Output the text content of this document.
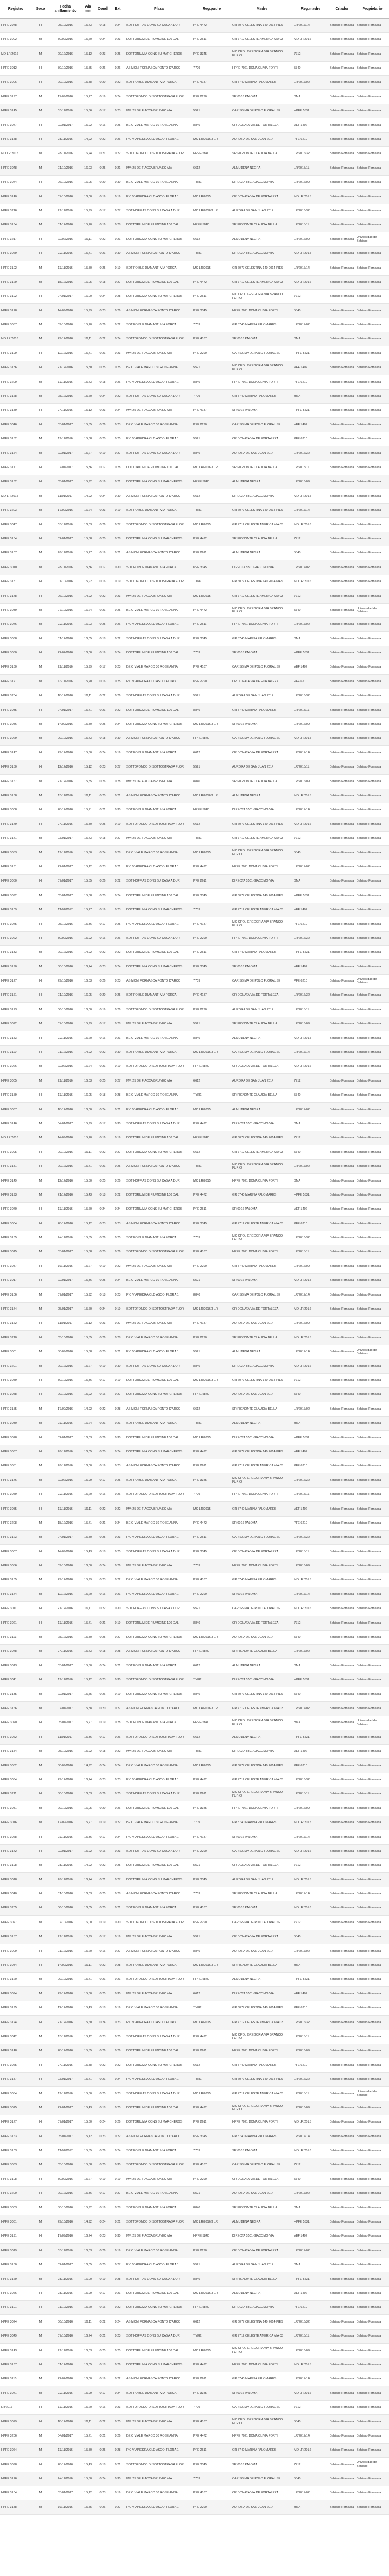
Registro	Sexo	Fecha anillamiento	Ala mm	Cond	Ext	Plaza	Reg.padre	Madre	Reg.madre	Criador	Propietario
HPFE 2978	H	05/10/2016	15,43	0,18	0,24	SOT HOFF AS CONS SU CASA A DUR	PFE 4472	GR 6077 CELESTINA 140 2014 PIES	LR/2017/14	Bahiano Fornasca	Bahiano Fornasca
HPFE 3002	M	30/09/2016	15,60	0,24	0,23	DOTTORIUM DE PIUMICINE 100 DAL	PFE 2611	GR 7712 CELESTE AMERICA VIA 03	MO LR/2016	Bahiano Fornasca	Bahiano Fornasca
MO LR/2016	M	29/12/2016	15,12	0,23	0,25	DOTTORIUM A CONS SU MARCHEROS	PFE 3345	MO OPOL GREGORIA VIA BRANCO FURIO	7712	Bahiano Fornasca	Bahiano Fornasca
HPFE 3012	H	30/10/2016	15,55	0,26	0,26	ASIMONI FORNASCA PONTO D'ARCO	7709	HPFE 7021 DONA OLIVIA FORTI	5340	Bahiano Fornasca	Bahiano Fornasca
HPFE 3006	H	29/10/2016	15,88	0,20	0,22	SOT FOIBLE DIAMANTI VIA FORCA	PFE 4187	GR 5740 MARINA PALOMARES	LR/2017/02	Bahiano Fornasca	Bahiano Fornasca
HPFE 3197	M	17/09/2016	15,27	0,19	0,24	SOTTOFONDO DI SOTTOSTRADA FLOR	PFE 2290	SR 0016 PALOMA	BMA	Bahiano Fornasca	Bahiano Fornasca
HPFE 3145	M	03/11/2016	15,36	0,17	0,23	MV: 25 DE FIACCA BRUNEC VIA	5521	CARISSIMA DE POLO FLORAL SE	HPFE 5531	Bahiano Fornasca	Bahiano Fornasca
HPFE 3077	H	02/01/2017	15,92	0,16	0,25	BEIC VIALE MARCO 30 ROSE ANNA	8840	CR DONATA VIA DE FORTALEZA	VEF 1402	Bahiano Fornasca	Bahiano Fornasca
HPFE 3158	H	28/11/2016	14,92	0,22	0,26	PIC VIAPIEDRA OLD ASCOI FLORA 1	MO LR/2016/3 LR	AURORA DE SAN JUAN 2014	PFE 6210	Bahiano Fornasca	Bahiano Fornasca
MO LR/2015	M	28/11/2016	16,24	0,21	0,22	SOTTOFONDO DI SOTTOSTRADA FLOR	HPFE 5840	SR PIGNONTE CLAUDIA BELLA	LR/2016/32	Bahiano Fornasca	Bahiano Fornasca
HPFE 3048	M	01/10/2016	16,03	0,25	0,21	MV: 25 DE FIACCA BRUNEC VIA	6612	ALMUDENA NEGRA	LR/2015/11	Bahiano Fornasca	Bahiano Fornasca
HPFE 3044	H	06/10/2016	16,05	0,20	0,30	BEIC VIALE MARCO 30 ROSE ANNA	TYKK	DIRECTA 5501 GIACOMO VIA	LR/2016/09	Bahiano Fornasca	Bahiano Fornasca
HPFE 3140	H	07/10/2016	16,00	0,19	0,19	PIC VIAPIEDRA OLD ASCOI FLORA 1	MO LR/2015	CR DONATA VIA DE FORTALEZA	MO LR/2015	Bahiano Fornasca	Bahiano Fornasca
HPFE 3216	M	22/11/2016	15,99	0,17	0,27	SOT HOFF AS CONS SU CASA A DUR	MO LR/2016/3 LR	AURORA DE SAN JUAN 2014	LR/2016/32	Bahiano Fornasca	Bahiano Fornasca
HPFE 3134	M	01/12/2016	15,20	0,16	0,28	DOTTORIUM DE PIUMICINE 100 DAL	HPFE 5840	SR PIGNONTE CLAUDIA BELLA	LR/2015/11	Bahiano Fornasca	Bahiano Fornasca
HPFE 3217	H	22/02/2016	16,11	0,22	0,21	DOTTORIUM A CONS SU MARCHEROS	6612	ALMUDENA NEGRA	LR/2016/09	Bahiano Fornasca	Universidad de Bahiano
HPFE 3069	H	22/11/2016	15,71	0,21	0,30	ASIMONI FORNASCA PONTO D'ARCO	TYKK	DIRECTA 5501 GIACOMO VIA	MO LR/2015	Bahiano Fornasca	Bahiano Fornasca
HPFE 3102	M	13/11/2016	15,80	0,25	0,19	SOT FOIBLE DIAMANTI VIA FORCA	MO LR/2015	GR 6077 CELESTINA 140 2014 PIES	LR/2017/14	Bahiano Fornasca	Bahiano Fornasca
HPFE 3129	M	18/12/2016	16,05	0,18	0,27	DOTTORIUM DE PIUMICINE 100 DAL	PFE 4472	GR 7712 CELESTE AMERICA VIA 03	MO LR/2016	Bahiano Fornasca	Bahiano Fornasca
HPFE 3192	H	04/01/2017	16,00	0,24	0,28	DOTTORIUM A CONS SU MARCHEROS	PFE 2611	MO OPOL GREGORIA VIA BRANCO FURIO	7712	Bahiano Fornasca	Bahiano Fornasca
HPFE 3128	H	14/09/2016	15,99	0,23	0,26	ASIMONI FORNASCA PONTO D'ARCO	PFE 3345	HPFE 7021 DONA OLIVIA FORTI	5340	Bahiano Fornasca	Bahiano Fornasca
HPFE 3057	M	09/10/2016	15,20	0,26	0,22	SOT FOIBLE DIAMANTI VIA FORCA	7709	GR 5740 MARINA PALOMARES	LR/2017/02	Bahiano Fornasca	Bahiano Fornasca
MO LR/2016	M	29/12/2016	16,11	0,22	0,24	SOTTOFONDO DI SOTTOSTRADA FLOR	PFE 4187	SR 0016 PALOMA	BMA	Bahiano Fornasca	Bahiano Fornasca
HPFE 3199	H	12/12/2016	15,71	0,21	0,23	MV: 25 DE FIACCA BRUNEC VIA	PFE 2290	CARISSIMA DE POLO FLORAL SE	HPFE 5531	Bahiano Fornasca	Bahiano Fornasca
HPFE 3186	H	21/12/2016	15,80	0,25	0,25	BEIC VIALE MARCO 30 ROSE ANNA	5521	MO OPOL GREGORIA VIA BRANCO FURIO	VEF 1402	Bahiano Fornasca	Bahiano Fornasca
HPFE 3209	M	13/11/2016	15,43	0,18	0,26	PIC VIAPIEDRA OLD ASCOI FLORA 1	8840	HPFE 7021 DONA OLIVIA FORTI	PFE 6210	Bahiano Fornasca	Bahiano Fornasca
HPFE 3168	M	28/12/2016	15,60	0,24	0,22	SOT HOFF AS CONS SU CASA A DUR	7709	GR 5740 MARINA PALOMARES	BMA	Bahiano Fornasca	Bahiano Fornasca
HPFE 3189	H	24/11/2016	15,12	0,23	0,24	MV: 25 DE FIACCA BRUNEC VIA	PFE 4187	SR 0016 PALOMA	HPFE 5531	Bahiano Fornasca	Bahiano Fornasca
HPFE 3046	H	03/01/2017	15,55	0,26	0,23	BEIC VIALE MARCO 30 ROSE ANNA	PFE 2290	CARISSIMA DE POLO FLORAL SE	VEF 1402	Bahiano Fornasca	Bahiano Fornasca
HPFE 3152	M	19/11/2016	15,88	0,20	0,25	PIC VIAPIEDRA OLD ASCOI FLORA 1	5521	CR DONATA VIA DE FORTALEZA	PFE 6210	Bahiano Fornasca	Bahiano Fornasca
HPFE 3164	M	22/01/2017	15,27	0,19	0,27	SOT HOFF AS CONS SU CASA A DUR	8840	AURORA DE SAN JUAN 2014	LR/2016/32	Bahiano Fornasca	Bahiano Fornasca
HPFE 3171	H	07/01/2017	15,36	0,17	0,28	DOTTORIUM DE PIUMICINE 100 DAL	MO LR/2016/3 LR	SR PIGNONTE CLAUDIA BELLA	LR/2015/11	Bahiano Fornasca	Bahiano Fornasca
HPFE 3132	H	05/01/2017	15,92	0,16	0,21	DOTTORIUM A CONS SU MARCHEROS	HPFE 5840	ALMUDENA NEGRA	LR/2016/09	Bahiano Fornasca	Bahiano Fornasca
MO LR/2015	M	11/01/2017	14,92	0,24	0,30	ASIMONI FORNASCA PONTO D'ARCO	6612	DIRECTA 5501 GIACOMO VIA	MO LR/2015	Bahiano Fornasca	Bahiano Fornasca
HPFE 3203	M	17/09/2016	16,24	0,23	0,19	SOT FOIBLE DIAMANTI VIA FORCA	TYKK	GR 6077 CELESTINA 140 2014 PIES	LR/2017/14	Bahiano Fornasca	Bahiano Fornasca
HPFE 3047	H	03/11/2016	16,03	0,26	0,27	SOTTOFONDO DI SOTTOSTRADA FLOR	MO LR/2015	GR 7712 CELESTE AMERICA VIA 03	MO LR/2016	Bahiano Fornasca	Bahiano Fornasca
HPFE 3184	H	02/01/2017	15,88	0,20	0,28	DOTTORIUM A CONS SU MARCHEROS	PFE 4472	SR PIGNONTE CLAUDIA BELLA	7712	Bahiano Fornasca	Bahiano Fornasca
HPFE 3107	M	28/11/2016	15,27	0,19	0,21	ASIMONI FORNASCA PONTO D'ARCO	PFE 2611	ALMUDENA NEGRA	5340	Bahiano Fornasca	Bahiano Fornasca
HPFE 3010	M	28/11/2016	15,36	0,17	0,30	SOT FOIBLE DIAMANTI VIA FORCA	PFE 3345	DIRECTA 5501 GIACOMO VIA	LR/2017/02	Bahiano Fornasca	Bahiano Fornasca
HPFE 3151	H	01/10/2016	15,92	0,16	0,19	SOTTOFONDO DI SOTTOSTRADA FLOR	TYKK	GR 6077 CELESTINA 140 2014 PIES	MO LR/2016	Bahiano Fornasca	Bahiano Fornasca
HPFE 3178	H	06/10/2016	14,92	0,22	0,23	MV: 25 DE FIACCA BRUNEC VIA	MO LR/2015	GR 7712 CELESTE AMERICA VIA 03	7712	Bahiano Fornasca	Bahiano Fornasca
HPFE 3039	M	07/10/2016	16,24	0,21	0,25	BEIC VIALE MARCO 30 ROSE ANNA	PFE 4472	MO OPOL GREGORIA VIA BRANCO FURIO	5340	Bahiano Fornasca	Universidad de Bahiano
HPFE 3076	M	22/11/2016	16,03	0,25	0,26	PIC VIAPIEDRA OLD ASCOI FLORA 1	PFE 2611	HPFE 7021 DONA OLIVIA FORTI	LR/2017/02	Bahiano Fornasca	Bahiano Fornasca
HPFE 3038	H	01/12/2016	16,05	0,18	0,22	SOT HOFF AS CONS SU CASA A DUR	PFE 3345	GR 5740 MARINA PALOMARES	BMA	Bahiano Fornasca	Bahiano Fornasca
HPFE 3060	H	22/02/2016	16,00	0,19	0,24	DOTTORIUM DE PIUMICINE 100 DAL	7709	SR 0016 PALOMA	HPFE 5531	Bahiano Fornasca	Bahiano Fornasca
HPFE 3130	M	22/11/2016	15,99	0,17	0,23	BEIC VIALE MARCO 30 ROSE ANNA	PFE 4187	CARISSIMA DE POLO FLORAL SE	VEF 1402	Bahiano Fornasca	Bahiano Fornasca
HPFE 3121	M	13/11/2016	15,20	0,16	0,25	PIC VIAPIEDRA OLD ASCOI FLORA 1	PFE 2290	CR DONATA VIA DE FORTALEZA	PFE 6210	Bahiano Fornasca	Bahiano Fornasca
HPFE 3204	H	18/12/2016	16,11	0,22	0,26	SOT HOFF AS CONS SU CASA A DUR	5521	AURORA DE SAN JUAN 2014	LR/2016/32	Bahiano Fornasca	Bahiano Fornasca
HPFE 3035	H	04/01/2017	15,71	0,21	0,22	DOTTORIUM DE PIUMICINE 100 DAL	8840	GR 5740 MARINA PALOMARES	LR/2015/11	Bahiano Fornasca	Bahiano Fornasca
HPFE 3086	M	14/09/2016	15,80	0,25	0,24	DOTTORIUM A CONS SU MARCHEROS	MO LR/2016/3 LR	SR 0016 PALOMA	LR/2016/09	Bahiano Fornasca	Bahiano Fornasca
HPFE 3029	M	09/10/2016	15,43	0,18	0,30	ASIMONI FORNASCA PONTO D'ARCO	HPFE 5840	CARISSIMA DE POLO FLORAL SE	MO LR/2015	Bahiano Fornasca	Bahiano Fornasca
HPFE 3147	H	29/12/2016	15,60	0,24	0,19	SOT FOIBLE DIAMANTI VIA FORCA	6612	CR DONATA VIA DE FORTALEZA	LR/2017/14	Bahiano Fornasca	Bahiano Fornasca
HPFE 3150	H	12/12/2016	15,12	0,23	0,27	SOTTOFONDO DI SOTTOSTRADA FLOR	5521	AURORA DE SAN JUAN 2014	LR/2015/11	Bahiano Fornasca	Bahiano Fornasca
HPFE 3167	M	21/12/2016	15,55	0,26	0,28	MV: 25 DE FIACCA BRUNEC VIA	8840	SR PIGNONTE CLAUDIA BELLA	LR/2016/09	Bahiano Fornasca	Bahiano Fornasca
HPFE 3138	M	13/11/2016	16,11	0,20	0,21	ASIMONI FORNASCA PONTO D'ARCO	MO LR/2016/3 LR	ALMUDENA NEGRA	MO LR/2015	Bahiano Fornasca	Bahiano Fornasca
HPFE 3008	H	28/12/2016	15,71	0,21	0,30	SOT FOIBLE DIAMANTI VIA FORCA	HPFE 5840	DIRECTA 5501 GIACOMO VIA	LR/2017/14	Bahiano Fornasca	Bahiano Fornasca
HPFE 3179	H	24/11/2016	15,80	0,25	0,19	SOTTOFONDO DI SOTTOSTRADA FLOR	6612	GR 6077 CELESTINA 140 2014 PIES	MO LR/2016	Bahiano Fornasca	Bahiano Fornasca
HPFE 3141	M	03/01/2017	15,43	0,18	0,27	MV: 25 DE FIACCA BRUNEC VIA	TYKK	GR 7712 CELESTE AMERICA VIA 03	7712	Bahiano Fornasca	Bahiano Fornasca
HPFE 3053	M	19/11/2016	15,60	0,24	0,28	BEIC VIALE MARCO 30 ROSE ANNA	MO LR/2015	MO OPOL GREGORIA VIA BRANCO FURIO	5340	Bahiano Fornasca	Bahiano Fornasca
HPFE 3131	H	22/01/2017	15,12	0,23	0,21	PIC VIAPIEDRA OLD ASCOI FLORA 1	PFE 4472	HPFE 7021 DONA OLIVIA FORTI	LR/2017/02	Bahiano Fornasca	Bahiano Fornasca
HPFE 3050	H	07/01/2017	15,55	0,26	0,22	SOT HOFF AS CONS SU CASA A DUR	PFE 2611	DIRECTA 5501 GIACOMO VIA	BMA	Bahiano Fornasca	Bahiano Fornasca
HPFE 3092	M	05/01/2017	15,88	0,20	0,24	DOTTORIUM DE PIUMICINE 100 DAL	PFE 3345	GR 6077 CELESTINA 140 2014 PIES	HPFE 5531	Bahiano Fornasca	Bahiano Fornasca
HPFE 3109	M	11/01/2017	15,27	0,19	0,23	DOTTORIUM A CONS SU MARCHEROS	7709	GR 7712 CELESTE AMERICA VIA 03	VEF 1402	Bahiano Fornasca	Bahiano Fornasca
HPFE 3045	H	05/10/2016	15,36	0,17	0,25	PIC VIAPIEDRA OLD ASCOI FLORA 1	PFE 4187	MO OPOL GREGORIA VIA BRANCO FURIO	PFE 6210	Bahiano Fornasca	Bahiano Fornasca
HPFE 3022	H	30/09/2016	15,92	0,16	0,26	SOT HOFF AS CONS SU CASA A DUR	PFE 2290	HPFE 7021 DONA OLIVIA FORTI	LR/2016/32	Bahiano Fornasca	Bahiano Fornasca
HPFE 3133	M	29/12/2016	14,92	0,22	0,22	DOTTORIUM DE PIUMICINE 100 DAL	PFE 2611	GR 5740 MARINA PALOMARES	HPFE 5531	Bahiano Fornasca	Bahiano Fornasca
HPFE 3190	M	30/10/2016	16,24	0,23	0,24	DOTTORIUM A CONS SU MARCHEROS	PFE 3345	SR 0016 PALOMA	VEF 1402	Bahiano Fornasca	Bahiano Fornasca
HPFE 3127	H	29/10/2016	16,03	0,26	0,23	ASIMONI FORNASCA PONTO D'ARCO	7709	CARISSIMA DE POLO FLORAL SE	PFE 6210	Bahiano Fornasca	Universidad de Bahiano
HPFE 3161	H	01/10/2016	16,05	0,20	0,25	SOT FOIBLE DIAMANTI VIA FORCA	PFE 4187	CR DONATA VIA DE FORTALEZA	LR/2016/32	Bahiano Fornasca	Bahiano Fornasca
HPFE 3173	M	06/10/2016	16,00	0,19	0,26	SOTTOFONDO DI SOTTOSTRADA FLOR	PFE 2290	AURORA DE SAN JUAN 2014	LR/2015/11	Bahiano Fornasca	Bahiano Fornasca
HPFE 3072	M	07/10/2016	15,99	0,17	0,28	MV: 25 DE FIACCA BRUNEC VIA	5521	SR PIGNONTE CLAUDIA BELLA	LR/2016/09	Bahiano Fornasca	Bahiano Fornasca
HPFE 3153	H	22/11/2016	15,20	0,16	0,21	BEIC VIALE MARCO 30 ROSE ANNA	8840	ALMUDENA NEGRA	MO LR/2015	Bahiano Fornasca	Bahiano Fornasca
HPFE 3110	H	01/12/2016	14,92	0,22	0,30	SOT FOIBLE DIAMANTI VIA FORCA	MO LR/2016/3 LR	CARISSIMA DE POLO FLORAL SE	LR/2017/14	Bahiano Fornasca	Bahiano Fornasca
HPFE 3026	M	22/02/2016	16,24	0,21	0,19	SOTTOFONDO DI SOTTOSTRADA FLOR	HPFE 5840	CR DONATA VIA DE FORTALEZA	MO LR/2016	Bahiano Fornasca	Bahiano Fornasca
HPFE 3005	M	22/11/2016	16,03	0,25	0,27	MV: 25 DE FIACCA BRUNEC VIA	6612	AURORA DE SAN JUAN 2014	7712	Bahiano Fornasca	Bahiano Fornasca
HPFE 3159	H	13/11/2016	16,05	0,18	0,28	BEIC VIALE MARCO 30 ROSE ANNA	TYKK	SR PIGNONTE CLAUDIA BELLA	5340	Bahiano Fornasca	Bahiano Fornasca
HPFE 3067	H	18/12/2016	16,00	0,24	0,21	PIC VIAPIEDRA OLD ASCOI FLORA 1	MO LR/2015	ALMUDENA NEGRA	LR/2017/02	Bahiano Fornasca	Bahiano Fornasca
HPFE 3146	M	04/01/2017	15,99	0,17	0,30	SOT HOFF AS CONS SU CASA A DUR	PFE 4472	DIRECTA 5501 GIACOMO VIA	BMA	Bahiano Fornasca	Bahiano Fornasca
MO LR/2016	M	14/09/2016	15,20	0,16	0,19	DOTTORIUM DE PIUMICINE 100 DAL	HPFE 5840	GR 6077 CELESTINA 140 2014 PIES	7712	Bahiano Fornasca	Bahiano Fornasca
HPFE 3095	H	09/10/2016	16,11	0,22	0,27	DOTTORIUM A CONS SU MARCHEROS	6612	GR 7712 CELESTE AMERICA VIA 03	5340	Bahiano Fornasca	Bahiano Fornasca
HPFE 3181	H	29/12/2016	15,71	0,21	0,25	ASIMONI FORNASCA PONTO D'ARCO	TYKK	MO OPOL GREGORIA VIA BRANCO FURIO	LR/2017/02	Bahiano Fornasca	Bahiano Fornasca
HPFE 3149	M	12/12/2016	15,80	0,25	0,26	SOT HOFF AS CONS SU CASA A DUR	MO LR/2015	HPFE 7021 DONA OLIVIA FORTI	BMA	Bahiano Fornasca	Bahiano Fornasca
HPFE 3193	M	21/12/2016	15,43	0,18	0,22	DOTTORIUM DE PIUMICINE 100 DAL	PFE 4472	GR 5740 MARINA PALOMARES	HPFE 5531	Bahiano Fornasca	Bahiano Fornasca
HPFE 3070	H	13/11/2016	15,60	0,24	0,24	DOTTORIUM A CONS SU MARCHEROS	PFE 2611	SR 0016 PALOMA	VEF 1402	Bahiano Fornasca	Bahiano Fornasca
HPFE 3004	H	28/12/2016	15,12	0,23	0,23	ASIMONI FORNASCA PONTO D'ARCO	PFE 3345	GR 7712 CELESTE AMERICA VIA 03	PFE 6210	Bahiano Fornasca	Bahiano Fornasca
HPFE 3165	M	24/11/2016	15,55	0,26	0,25	SOT FOIBLE DIAMANTI VIA FORCA	7709	MO OPOL GREGORIA VIA BRANCO FURIO	LR/2016/32	Bahiano Fornasca	Bahiano Fornasca
HPFE 3015	M	03/01/2017	15,88	0,20	0,26	SOTTOFONDO DI SOTTOSTRADA FLOR	PFE 4187	HPFE 7021 DONA OLIVIA FORTI	LR/2015/11	Bahiano Fornasca	Bahiano Fornasca
HPFE 3087	H	19/11/2016	15,27	0,19	0,22	MV: 25 DE FIACCA BRUNEC VIA	PFE 2290	GR 5740 MARINA PALOMARES	LR/2016/09	Bahiano Fornasca	Bahiano Fornasca
HPFE 3017	H	22/01/2017	15,36	0,25	0,24	BEIC VIALE MARCO 30 ROSE ANNA	5521	SR 0016 PALOMA	MO LR/2015	Bahiano Fornasca	Bahiano Fornasca
HPFE 3106	M	07/01/2017	15,92	0,18	0,23	PIC VIAPIEDRA OLD ASCOI FLORA 1	8840	CARISSIMA DE POLO FLORAL SE	LR/2017/14	Bahiano Fornasca	Bahiano Fornasca
HPFE 3174	M	05/01/2017	15,60	0,24	0,19	SOTTOFONDO DI SOTTOSTRADA FLOR	MO LR/2016/3 LR	CR DONATA VIA DE FORTALEZA	MO LR/2016	Bahiano Fornasca	Bahiano Fornasca
HPFE 3162	H	11/01/2017	15,12	0,23	0,27	MV: 25 DE FIACCA BRUNEC VIA	PFE 4187	AURORA DE SAN JUAN 2014	LR/2016/09	Bahiano Fornasca	Bahiano Fornasca
HPFE 3210	H	05/10/2016	15,55	0,26	0,28	BEIC VIALE MARCO 30 ROSE ANNA	PFE 2290	SR PIGNONTE CLAUDIA BELLA	MO LR/2015	Bahiano Fornasca	Bahiano Fornasca
HPFE 3001	M	30/09/2016	15,88	0,20	0,21	PIC VIAPIEDRA OLD ASCOI FLORA 1	5521	ALMUDENA NEGRA	LR/2017/14	Bahiano Fornasca	Universidad de Bahiano
HPFE 3201	M	29/12/2016	15,27	0,19	0,30	SOT HOFF AS CONS SU CASA A DUR	8840	DIRECTA 5501 GIACOMO VIA	MO LR/2016	Bahiano Fornasca	Bahiano Fornasca
HPFE 3089	H	30/10/2016	15,36	0,17	0,19	DOTTORIUM DE PIUMICINE 100 DAL	MO LR/2016/3 LR	GR 6077 CELESTINA 140 2014 PIES	7712	Bahiano Fornasca	Bahiano Fornasca
HPFE 3058	H	29/10/2016	15,92	0,16	0,27	DOTTORIUM A CONS SU MARCHEROS	HPFE 5840	AURORA DE SAN JUAN 2014	5340	Bahiano Fornasca	Bahiano Fornasca
HPFE 3155	M	17/09/2016	14,92	0,22	0,28	ASIMONI FORNASCA PONTO D'ARCO	6612	SR PIGNONTE CLAUDIA BELLA	LR/2017/02	Bahiano Fornasca	Bahiano Fornasca
HPFE 3030	M	03/11/2016	16,24	0,21	0,21	SOT FOIBLE DIAMANTI VIA FORCA	TYKK	ALMUDENA NEGRA	BMA	Bahiano Fornasca	Bahiano Fornasca
HPFE 3028	H	02/01/2017	16,03	0,26	0,30	DOTTORIUM DE PIUMICINE 100 DAL	MO LR/2015	DIRECTA 5501 GIACOMO VIA	HPFE 5531	Bahiano Fornasca	Bahiano Fornasca
HPFE 3037	H	28/11/2016	16,05	0,20	0,24	DOTTORIUM A CONS SU MARCHEROS	PFE 4472	GR 6077 CELESTINA 140 2014 PIES	VEF 1402	Bahiano Fornasca	Bahiano Fornasca
HPFE 3051	M	28/11/2016	16,00	0,19	0,23	ASIMONI FORNASCA PONTO D'ARCO	PFE 2611	GR 7712 CELESTE AMERICA VIA 03	PFE 6210	Bahiano Fornasca	Bahiano Fornasca
HPFE 3176	M	22/02/2016	15,99	0,17	0,25	SOT FOIBLE DIAMANTI VIA FORCA	PFE 3345	MO OPOL GREGORIA VIA BRANCO FURIO	LR/2016/32	Bahiano Fornasca	Bahiano Fornasca
HPFE 3059	H	22/11/2016	15,20	0,16	0,26	SOTTOFONDO DI SOTTOSTRADA FLOR	7709	HPFE 7021 DONA OLIVIA FORTI	LR/2015/11	Bahiano Fornasca	Bahiano Fornasca
HPFE 3085	H	13/11/2016	16,11	0,22	0,22	MV: 25 DE FIACCA BRUNEC VIA	MO LR/2015	GR 5740 MARINA PALOMARES	VEF 1402	Bahiano Fornasca	Bahiano Fornasca
HPFE 3208	M	18/12/2016	15,71	0,21	0,24	BEIC VIALE MARCO 30 ROSE ANNA	PFE 4472	SR 0016 PALOMA	PFE 6210	Bahiano Fornasca	Bahiano Fornasca
HPFE 3123	M	04/01/2017	15,80	0,25	0,23	PIC VIAPIEDRA OLD ASCOI FLORA 1	PFE 2611	CARISSIMA DE POLO FLORAL SE	LR/2016/32	Bahiano Fornasca	Bahiano Fornasca
HPFE 3007	H	14/09/2016	15,43	0,18	0,25	SOT HOFF AS CONS SU CASA A DUR	PFE 3345	CR DONATA VIA DE FORTALEZA	LR/2015/11	Bahiano Fornasca	Bahiano Fornasca
HPFE 3056	H	09/10/2016	16,00	0,24	0,26	MV: 25 DE FIACCA BRUNEC VIA	7709	HPFE 7021 DONA OLIVIA FORTI	LR/2016/09	Bahiano Fornasca	Bahiano Fornasca
HPFE 3185	M	29/12/2016	15,99	0,23	0,22	BEIC VIALE MARCO 30 ROSE ANNA	PFE 4187	GR 5740 MARINA PALOMARES	MO LR/2015	Bahiano Fornasca	Bahiano Fornasca
HPFE 3144	M	12/12/2016	15,20	0,16	0,21	PIC VIAPIEDRA OLD ASCOI FLORA 1	PFE 2290	SR 0016 PALOMA	LR/2017/14	Bahiano Fornasca	Bahiano Fornasca
HPFE 3011	H	21/12/2016	16,11	0,22	0,30	SOT HOFF AS CONS SU CASA A DUR	5521	CARISSIMA DE POLO FLORAL SE	MO LR/2016	Bahiano Fornasca	Bahiano Fornasca
HPFE 3021	H	13/11/2016	15,71	0,21	0,19	DOTTORIUM DE PIUMICINE 100 DAL	8840	CR DONATA VIA DE FORTALEZA	7712	Bahiano Fornasca	Bahiano Fornasca
HPFE 3113	M	28/12/2016	15,80	0,25	0,27	DOTTORIUM A CONS SU MARCHEROS	MO LR/2016/3 LR	AURORA DE SAN JUAN 2014	5340	Bahiano Fornasca	Bahiano Fornasca
HPFE 3078	M	24/11/2016	15,43	0,18	0,28	ASIMONI FORNASCA PONTO D'ARCO	HPFE 5840	SR PIGNONTE CLAUDIA BELLA	LR/2017/02	Bahiano Fornasca	Bahiano Fornasca
HPFE 3013	H	03/01/2017	15,60	0,24	0,21	SOT FOIBLE DIAMANTI VIA FORCA	6612	ALMUDENA NEGRA	BMA	Bahiano Fornasca	Bahiano Fornasca
HPFE 3041	H	19/11/2016	15,12	0,23	0,30	SOTTOFONDO DI SOTTOSTRADA FLOR	TYKK	DIRECTA 5501 GIACOMO VIA	HPFE 5531	Bahiano Fornasca	Bahiano Fornasca
HPFE 3135	M	22/01/2017	15,55	0,26	0,19	DOTTORIUM A CONS SU MARCHEROS	8840	GR 6077 CELESTINA 140 2014 PIES	5340	Bahiano Fornasca	Bahiano Fornasca
HPFE 3166	M	07/01/2017	15,88	0,20	0,27	ASIMONI FORNASCA PONTO D'ARCO	MO LR/2016/3 LR	GR 7712 CELESTE AMERICA VIA 03	LR/2017/02	Bahiano Fornasca	Bahiano Fornasca
HPFE 3020	H	05/01/2017	15,27	0,19	0,28	SOT FOIBLE DIAMANTI VIA FORCA	HPFE 5840	MO OPOL GREGORIA VIA BRANCO FURIO	BMA	Bahiano Fornasca	Universidad de Bahiano
HPFE 3062	H	11/01/2017	15,36	0,17	0,26	SOTTOFONDO DI SOTTOSTRADA FLOR	6612	ALMUDENA NEGRA	HPFE 5531	Bahiano Fornasca	Bahiano Fornasca
HPFE 3154	M	05/10/2016	15,92	0,18	0,22	MV: 25 DE FIACCA BRUNEC VIA	TYKK	DIRECTA 5501 GIACOMO VIA	VEF 1402	Bahiano Fornasca	Bahiano Fornasca
HPFE 3082	M	30/09/2016	14,92	0,24	0,24	BEIC VIALE MARCO 30 ROSE ANNA	MO LR/2015	GR 6077 CELESTINA 140 2014 PIES	PFE 6210	Bahiano Fornasca	Bahiano Fornasca
HPFE 3034	H	29/12/2016	16,24	0,23	0,23	PIC VIAPIEDRA OLD ASCOI FLORA 1	PFE 4472	GR 7712 CELESTE AMERICA VIA 03	LR/2016/32	Bahiano Fornasca	Bahiano Fornasca
HPFE 3211	H	30/10/2016	16,03	0,26	0,25	SOT HOFF AS CONS SU CASA A DUR	PFE 2611	MO OPOL GREGORIA VIA BRANCO FURIO	LR/2015/11	Bahiano Fornasca	Bahiano Fornasca
HPFE 3081	M	29/10/2016	16,05	0,20	0,26	DOTTORIUM DE PIUMICINE 100 DAL	PFE 3345	HPFE 7021 DONA OLIVIA FORTI	LR/2016/09	Bahiano Fornasca	Bahiano Fornasca
HPFE 3016	M	17/09/2016	15,27	0,19	0,22	BEIC VIALE MARCO 30 ROSE ANNA	7709	GR 5740 MARINA PALOMARES	MO LR/2015	Bahiano Fornasca	Bahiano Fornasca
HPFE 3068	H	03/11/2016	15,36	0,17	0,24	PIC VIAPIEDRA OLD ASCOI FLORA 1	PFE 4187	SR 0016 PALOMA	LR/2017/14	Bahiano Fornasca	Bahiano Fornasca
HPFE 3172	H	02/01/2017	15,92	0,16	0,23	SOT HOFF AS CONS SU CASA A DUR	PFE 2290	CARISSIMA DE POLO FLORAL SE	MO LR/2016	Bahiano Fornasca	Bahiano Fornasca
HPFE 3198	M	28/11/2016	14,92	0,22	0,25	DOTTORIUM DE PIUMICINE 100 DAL	5521	CR DONATA VIA DE FORTALEZA	7712	Bahiano Fornasca	Bahiano Fornasca
HPFE 3018	M	28/11/2016	16,24	0,21	0,27	DOTTORIUM A CONS SU MARCHEROS	PFE 3345	AURORA DE SAN JUAN 2014	MO LR/2015	Bahiano Fornasca	Bahiano Fornasca
HPFE 3040	H	01/10/2016	16,03	0,25	0,28	ASIMONI FORNASCA PONTO D'ARCO	7709	SR PIGNONTE CLAUDIA BELLA	LR/2017/14	Bahiano Fornasca	Bahiano Fornasca
HPFE 3205	H	06/10/2016	16,05	0,20	0,21	SOT FOIBLE DIAMANTI VIA FORCA	PFE 4187	SR 0016 PALOMA	MO LR/2016	Bahiano Fornasca	Bahiano Fornasca
HPFE 3027	M	07/10/2016	16,00	0,19	0,30	SOTTOFONDO DI SOTTOSTRADA FLOR	PFE 2290	CARISSIMA DE POLO FLORAL SE	7712	Bahiano Fornasca	Bahiano Fornasca
HPFE 3157	M	22/11/2016	15,99	0,17	0,19	MV: 25 DE FIACCA BRUNEC VIA	5521	CR DONATA VIA DE FORTALEZA	5340	Bahiano Fornasca	Bahiano Fornasca
HPFE 3009	H	01/12/2016	15,20	0,16	0,27	ASIMONI FORNASCA PONTO D'ARCO	8840	AURORA DE SAN JUAN 2014	LR/2017/02	Bahiano Fornasca	Bahiano Fornasca
HPFE 3084	H	14/09/2016	16,11	0,22	0,28	SOT FOIBLE DIAMANTI VIA FORCA	MO LR/2016/3 LR	SR PIGNONTE CLAUDIA BELLA	BMA	Bahiano Fornasca	Bahiano Fornasca
HPFE 3120	M	09/10/2016	15,71	0,21	0,21	SOTTOFONDO DI SOTTOSTRADA FLOR	HPFE 5840	ALMUDENA NEGRA	HPFE 5531	Bahiano Fornasca	Bahiano Fornasca
HPFE 3094	M	29/12/2016	15,80	0,25	0,30	MV: 25 DE FIACCA BRUNEC VIA	6612	DIRECTA 5501 GIACOMO VIA	VEF 1402	Bahiano Fornasca	Bahiano Fornasca
HPFE 3195	H	12/12/2016	15,43	0,18	0,19	BEIC VIALE MARCO 30 ROSE ANNA	TYKK	GR 6077 CELESTINA 140 2014 PIES	PFE 6210	Bahiano Fornasca	Bahiano Fornasca
HPFE 3124	H	21/12/2016	15,60	0,24	0,23	PIC VIAPIEDRA OLD ASCOI FLORA 1	MO LR/2015	GR 7712 CELESTE AMERICA VIA 03	LR/2016/32	Bahiano Fornasca	Bahiano Fornasca
HPFE 3042	M	13/11/2016	15,12	0,23	0,25	SOT HOFF AS CONS SU CASA A DUR	PFE 4472	MO OPOL GREGORIA VIA BRANCO FURIO	LR/2015/11	Bahiano Fornasca	Bahiano Fornasca
HPFE 3148	M	28/12/2016	15,55	0,26	0,26	DOTTORIUM DE PIUMICINE 100 DAL	PFE 2611	HPFE 7021 DONA OLIVIA FORTI	LR/2016/09	Bahiano Fornasca	Bahiano Fornasca
HPFE 3065	H	24/11/2016	15,88	0,22	0,22	DOTTORIUM A CONS SU MARCHEROS	6612	GR 5740 MARINA PALOMARES	PFE 6210	Bahiano Fornasca	Bahiano Fornasca
HPFE 3187	H	03/01/2017	15,71	0,21	0,24	PIC VIAPIEDRA OLD ASCOI FLORA 1	TYKK	GR 6077 CELESTINA 140 2014 PIES	LR/2016/32	Bahiano Fornasca	Bahiano Fornasca
HPFE 3054	M	19/11/2016	15,80	0,25	0,23	SOT HOFF AS CONS SU CASA A DUR	MO LR/2015	GR 7712 CELESTE AMERICA VIA 03	LR/2015/11	Bahiano Fornasca	Universidad de Bahiano
HPFE 3025	M	22/01/2017	15,43	0,18	0,25	DOTTORIUM DE PIUMICINE 100 DAL	PFE 4472	MO OPOL GREGORIA VIA BRANCO FURIO	LR/2016/09	Bahiano Fornasca	Bahiano Fornasca
HPFE 3177	H	07/01/2017	15,60	0,24	0,26	DOTTORIUM A CONS SU MARCHEROS	PFE 2611	HPFE 7021 DONA OLIVIA FORTI	MO LR/2015	Bahiano Fornasca	Bahiano Fornasca
HPFE 3163	H	05/01/2017	15,12	0,23	0,22	ASIMONI FORNASCA PONTO D'ARCO	PFE 3345	GR 5740 MARINA PALOMARES	LR/2017/14	Bahiano Fornasca	Bahiano Fornasca
HPFE 3103	M	11/01/2017	15,55	0,26	0,24	SOT FOIBLE DIAMANTI VIA FORCA	7709	SR 0016 PALOMA	MO LR/2016	Bahiano Fornasca	Bahiano Fornasca
HPFE 3033	M	05/10/2016	15,88	0,20	0,30	SOTTOFONDO DI SOTTOSTRADA FLOR	PFE 4187	CARISSIMA DE POLO FLORAL SE	7712	Bahiano Fornasca	Bahiano Fornasca
HPFE 3108	H	30/09/2016	15,27	0,19	0,19	MV: 25 DE FIACCA BRUNEC VIA	PFE 2290	CR DONATA VIA DE FORTALEZA	5340	Bahiano Fornasca	Bahiano Fornasca
HPFE 3200	H	29/12/2016	15,36	0,17	0,27	BEIC VIALE MARCO 30 ROSE ANNA	5521	AURORA DE SAN JUAN 2014	LR/2017/02	Bahiano Fornasca	Bahiano Fornasca
HPFE 3003	M	30/10/2016	15,92	0,16	0,28	SOT FOIBLE DIAMANTI VIA FORCA	8840	SR PIGNONTE CLAUDIA BELLA	BMA	Bahiano Fornasca	Bahiano Fornasca
HPFE 3061	M	29/10/2016	14,92	0,24	0,21	SOTTOFONDO DI SOTTOSTRADA FLOR	MO LR/2016/3 LR	ALMUDENA NEGRA	HPFE 5531	Bahiano Fornasca	Bahiano Fornasca
HPFE 3191	H	17/09/2016	16,24	0,23	0,30	MV: 25 DE FIACCA BRUNEC VIA	HPFE 5840	DIRECTA 5501 GIACOMO VIA	VEF 1402	Bahiano Fornasca	Bahiano Fornasca
HPFE 3019	H	03/11/2016	16,03	0,26	0,19	BEIC VIALE MARCO 30 ROSE ANNA	PFE 2290	CR DONATA VIA DE FORTALEZA	LR/2017/02	Bahiano Fornasca	Bahiano Fornasca
HPFE 3180	M	02/01/2017	16,05	0,20	0,27	PIC VIAPIEDRA OLD ASCOI FLORA 1	5521	AURORA DE SAN JUAN 2014	BMA	Bahiano Fornasca	Bahiano Fornasca
HPFE 3169	M	28/11/2016	16,00	0,19	0,28	SOT HOFF AS CONS SU CASA A DUR	8840	SR PIGNONTE CLAUDIA BELLA	HPFE 5531	Bahiano Fornasca	Bahiano Fornasca
HPFE 3066	H	28/11/2016	15,99	0,17	0,21	DOTTORIUM DE PIUMICINE 100 DAL	MO LR/2016/3 LR	ALMUDENA NEGRA	VEF 1402	Bahiano Fornasca	Bahiano Fornasca
HPFE 3101	H	01/10/2016	15,20	0,16	0,22	DOTTORIUM A CONS SU MARCHEROS	HPFE 5840	DIRECTA 5501 GIACOMO VIA	PFE 6210	Bahiano Fornasca	Bahiano Fornasca
HPFE 3024	M	06/10/2016	16,11	0,22	0,24	ASIMONI FORNASCA PONTO D'ARCO	6612	GR 6077 CELESTINA 140 2014 PIES	LR/2016/32	Bahiano Fornasca	Bahiano Fornasca
HPFE 3049	M	07/10/2016	16,24	0,21	0,23	SOT HOFF AS CONS SU CASA A DUR	TYKK	GR 7712 CELESTE AMERICA VIA 03	LR/2015/11	Bahiano Fornasca	Bahiano Fornasca
HPFE 3143	H	22/11/2016	16,03	0,25	0,25	DOTTORIUM DE PIUMICINE 100 DAL	MO LR/2015	MO OPOL GREGORIA VIA BRANCO FURIO	LR/2016/09	Bahiano Fornasca	Bahiano Fornasca
HPFE 3137	H	01/12/2016	16,05	0,18	0,26	DOTTORIUM A CONS SU MARCHEROS	PFE 4472	HPFE 7021 DONA OLIVIA FORTI	MO LR/2015	Bahiano Fornasca	Bahiano Fornasca
HPFE 3115	M	22/02/2016	16,00	0,19	0,22	ASIMONI FORNASCA PONTO D'ARCO	PFE 2611	GR 5740 MARINA PALOMARES	LR/2017/14	Bahiano Fornasca	Bahiano Fornasca
HPFE 3071	M	22/11/2016	15,99	0,17	0,24	SOT FOIBLE DIAMANTI VIA FORCA	PFE 3345	SR 0016 PALOMA	MO LR/2016	Bahiano Fornasca	Bahiano Fornasca
LR/2017	H	13/11/2016	15,20	0,16	0,23	SOTTOFONDO DI SOTTOSTRADA FLOR	7709	CARISSIMA DE POLO FLORAL SE	7712	Bahiano Fornasca	Bahiano Fornasca
HPFE 3079	H	18/12/2016	16,11	0,22	0,25	MV: 25 DE FIACCA BRUNEC VIA	PFE 4187	MO OPOL GREGORIA VIA BRANCO FURIO	5340	Bahiano Fornasca	Bahiano Fornasca
HPFE 3206	M	04/01/2017	15,71	0,21	0,26	BEIC VIALE MARCO 30 ROSE ANNA	PFE 4472	HPFE 7021 DONA OLIVIA FORTI	LR/2017/14	Bahiano Fornasca	Bahiano Fornasca
HPFE 3064	M	13/11/2016	15,80	0,25	0,28	PIC VIAPIEDRA OLD ASCOI FLORA 1	PFE 2611	GR 5740 MARINA PALOMARES	MO LR/2016	Bahiano Fornasca	Bahiano Fornasca
HPFE 3098	H	28/12/2016	15,43	0,18	0,21	SOTTOFONDO DI SOTTOSTRADA FLOR	PFE 3345	SR 0016 PALOMA	7712	Bahiano Fornasca	Universidad de Bahiano
HPFE 3126	H	24/11/2016	15,60	0,24	0,30	MV: 25 DE FIACCA BRUNEC VIA	7709	CARISSIMA DE POLO FLORAL SE	5340	Bahiano Fornasca	Bahiano Fornasca
HPFE 3104	M	03/01/2017	15,12	0,23	0,19	BEIC VIALE MARCO 30 ROSE ANNA	PFE 4187	CR DONATA VIA DE FORTALEZA	LR/2017/02	Bahiano Fornasca	Bahiano Fornasca
HPFE 3188	M	19/11/2016	15,55	0,26	0,27	PIC VIAPIEDRA OLD ASCOI FLORA 1	PFE 2290	AURORA DE SAN JUAN 2014	BMA	Bahiano Fornasca	Bahiano Fornasca
